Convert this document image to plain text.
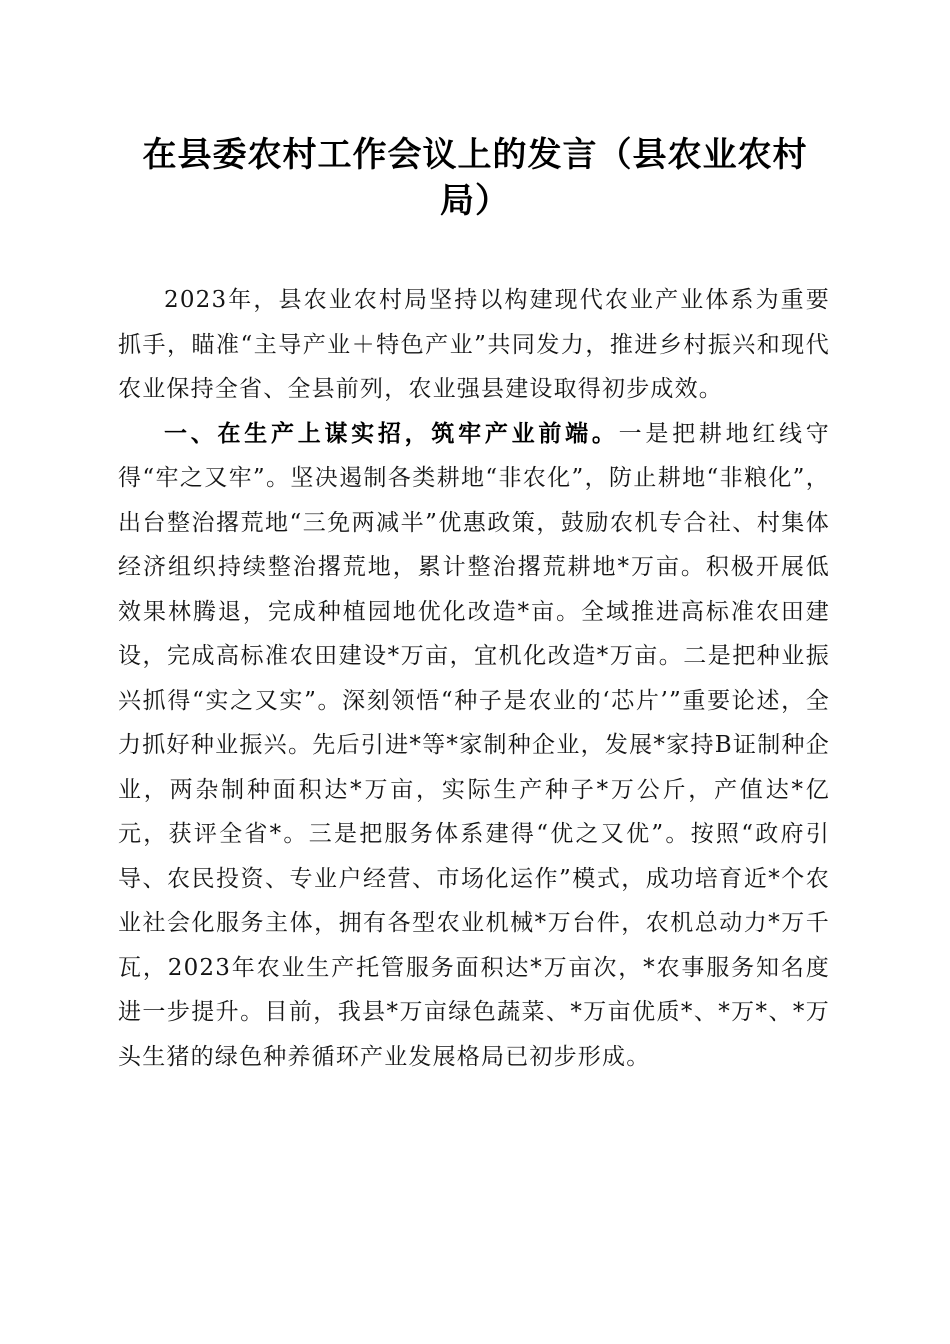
在县委农村工作会议上的发言（县农业农村局）

2023年，县农业农村局坚持以构建现代农业产业体系为重要抓手，瞄准“主导产业＋特色产业”共同发力，推进乡村振兴和现代农业保持全省、全县前列，农业强县建设取得初步成效。

一、在生产上谋实招，筑牢产业前端。一是把耕地红线守得“牢之又牢”。坚决遏制各类耕地“非农化”，防止耕地“非粮化”，出台整治撂荒地“三免两减半”优惠政策，鼓励农机专合社、村集体经济组织持续整治撂荒地，累计整治撂荒耕地*万亩。积极开展低效果林腾退，完成种植园地优化改造*亩。全域推进高标准农田建设，完成高标准农田建设*万亩，宜机化改造*万亩。二是把种业振兴抓得“实之又实”。深刻领悟“种子是农业的‘芯片’”重要论述，全力抓好种业振兴。先后引进*等*家制种企业，发展*家持B证制种企业，两杂制种面积达*万亩，实际生产种子*万公斤，产值达*亿元，获评全省*。三是把服务体系建得“优之又优”。按照“政府引导、农民投资、专业户经营、市场化运作”模式，成功培育近*个农业社会化服务主体，拥有各型农业机械*万台件，农机总动力*万千瓦，2023年农业生产托管服务面积达*万亩次，*农事服务知名度进一步提升。目前，我县*万亩绿色蔬菜、*万亩优质*、*万*、*万头生猪的绿色种养循环产业发展格局已初步形成。
